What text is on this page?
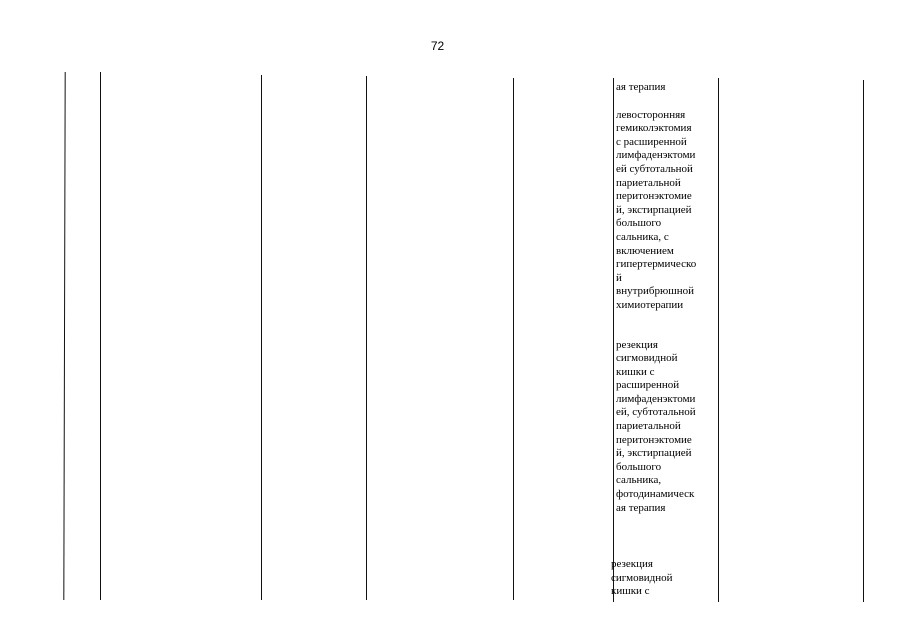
72
ая терапия
левосторонняя
гемиколэктомия
с расширенной
лимфаденэктоми
ей субтотальной
париетальной
перитонэктомие
й, экстирпацией
большого
сальника, с
включением
гипертермическо
й
внутрибрюшной
химиотерапии
резекция
сигмовидной
кишки с
расширенной
лимфаденэктоми
ей, субтотальной
париетальной
перитонэктомие
й, экстирпацией
большого
сальника,
фотодинамическ
ая терапия
резекция
сигмовидной
кишки с
